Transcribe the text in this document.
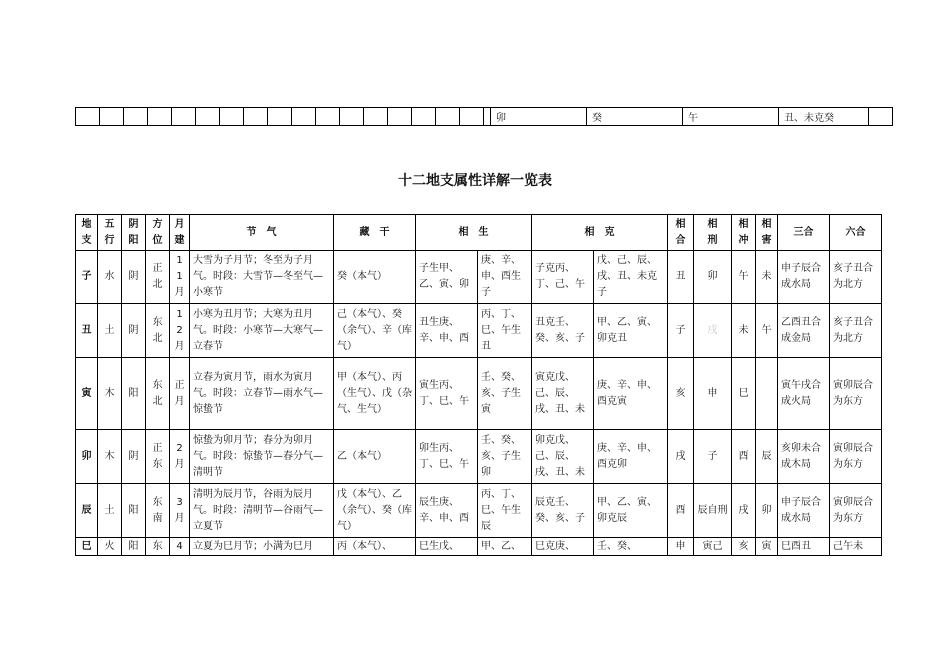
																		卯	癸	午	丑、未克癸	
十二地支属性详解一览表
地支	五行	阴阳	方位	月建	节　气	藏　干	相　生		相　克		相合	相刑	相冲	相害	三合	六合
子	水	阴	正北	11月	大雪为子月节；冬至为子月气。时段：大雪节—冬至气—小寒节	癸（本气）	子生甲、乙、寅、卯	庚、辛、申、酉生子	子克丙、丁、己、午	戊、己、辰、戌、丑、未克子	丑	卯	午	未	申子辰合成水局	亥子丑合为北方
丑	土	阴	东北	12月	小寒为丑月节；大寒为丑月气。时段：小寒节—大寒气—立春节	己（本气）、癸（余气）、辛（库气）	丑生庚、辛、申、酉	丙、丁、巳、午生丑	丑克壬、癸、亥、子	甲、乙、寅、卯克丑	子	戌	未	午	乙酉丑合成金局	亥子丑合为北方
寅	木	阳	东北	正月	立春为寅月节，雨水为寅月气。时段：立春节—雨水气—惊蛰节	甲（本气）、丙（生气）、戊（杂气、生气）	寅生丙、丁、巳、午	壬、癸、亥、子生寅	寅克戊、己、辰、戌、丑、未	庚、辛、申、酉克寅	亥	申	巳		寅午戌合成火局	寅卯辰合为东方
卯	木	阴	正东	2月	惊蛰为卯月节；春分为卯月气。时段：惊蛰节—春分气—清明节	乙（本气）	卯生丙、丁、巳、午	壬、癸、亥、子生卯	卯克戊、己、辰、戌、丑、未	庚、辛、申、酉克卯	戌	子	酉	辰	亥卯未合成木局	寅卯辰合为东方
辰	土	阳	东南	3月	清明为辰月节，谷雨为辰月气。时段：清明节—谷雨气—立夏节	戊（本气）、乙（余气）、癸（库气）	辰生庚、辛、申、酉	丙、丁、巳、午生辰	辰克壬、癸、亥、子	甲、乙、寅、卯克辰	酉	辰自刑	戌	卯	申子辰合成水局	寅卯辰合为东方
巳	火	阳	东	4	立夏为巳月节；小满为巳月	丙（本气）、	巳生戊、	甲、乙、	巳克庚、	壬、癸、	申	寅己	亥	寅	巳酉丑	己午未
